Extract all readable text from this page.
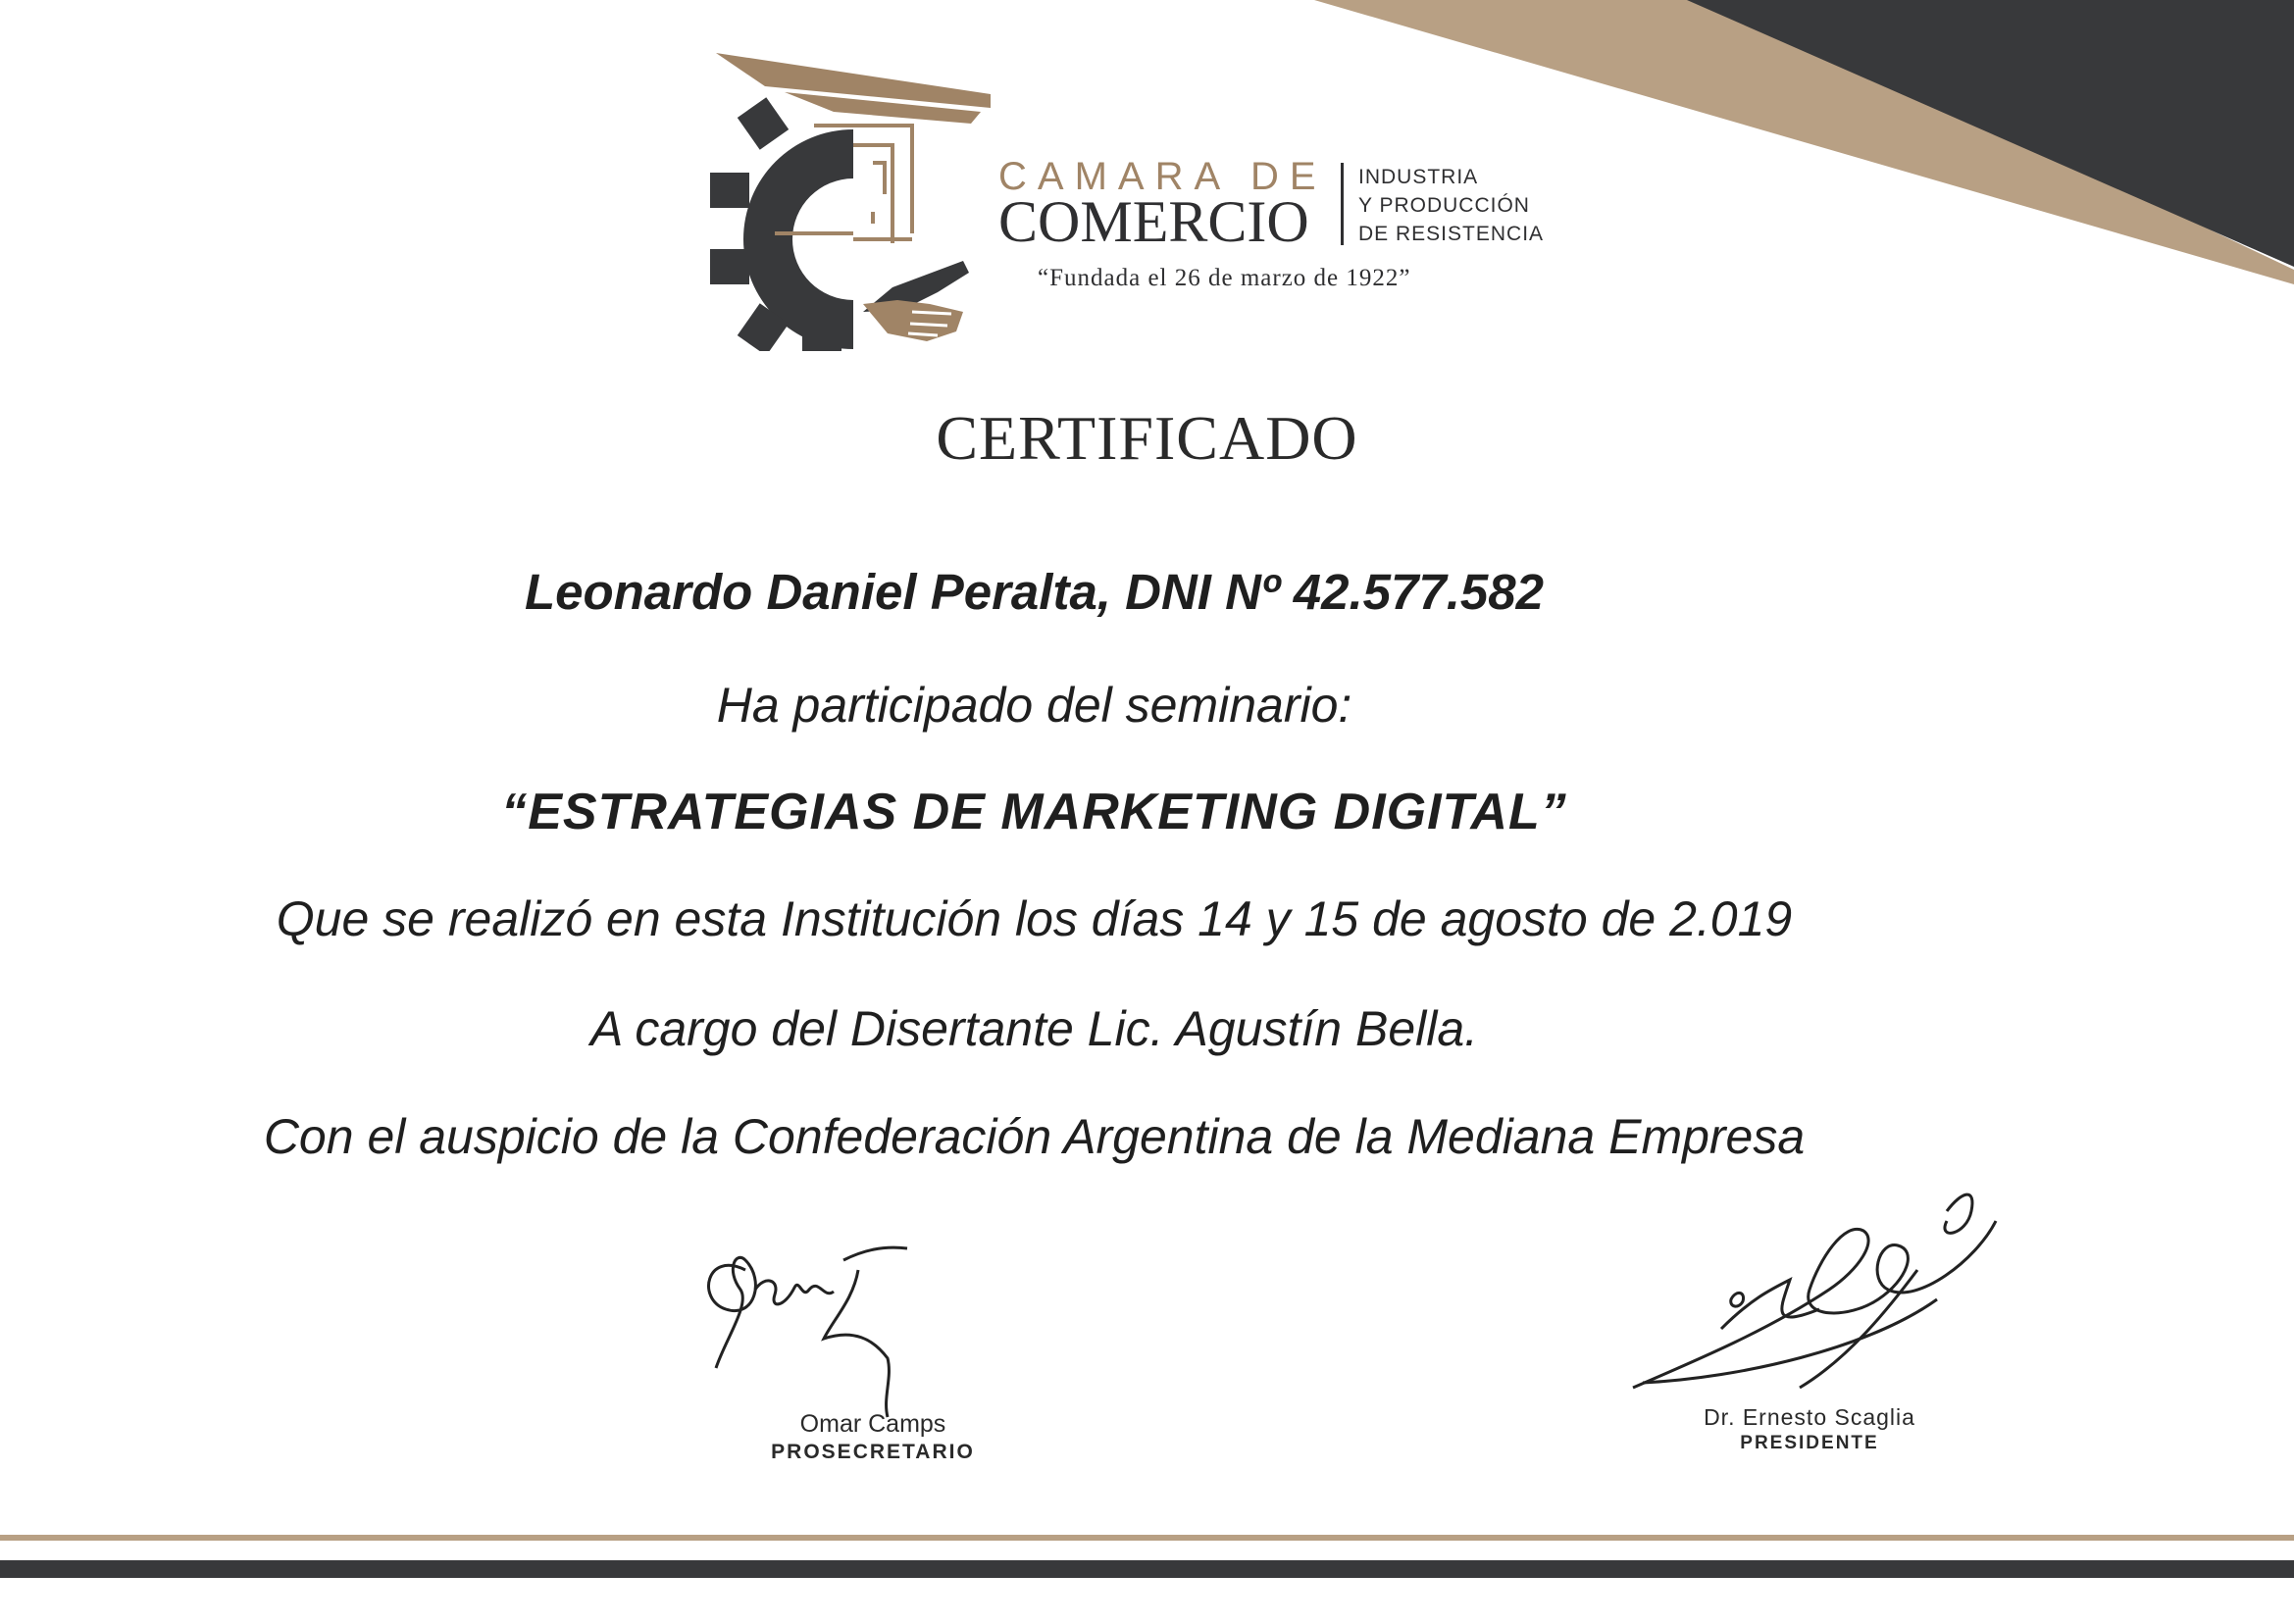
CAMARA DE
COMERCIO
INDUSTRIA
Y PRODUCCIÓN
DE RESISTENCIA
“Fundada el 26 de marzo de 1922”
CERTIFICADO
Leonardo Daniel Peralta, DNI Nº 42.577.582
Ha participado del seminario:
“ESTRATEGIAS DE MARKETING DIGITAL”
Que se realizó en esta Institución los días 14 y 15 de agosto de 2.019
A cargo del Disertante Lic. Agustín Bella.
Con el auspicio de la Confederación Argentina de la Mediana Empresa
Omar Camps
PROSECRETARIO
Dr. Ernesto Scaglia
PRESIDENTE
